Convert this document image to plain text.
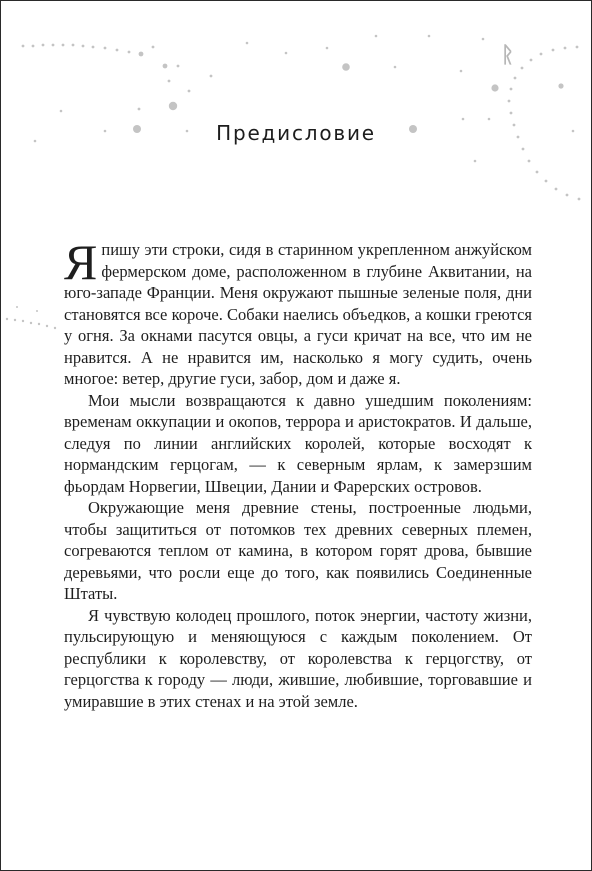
ᚱ
Предисловие

Я пишу эти строки, сидя в старинном укрепленном анжуйском фермерском доме, расположенном в глубине Аквитании, на юго-западе Франции. Меня окружают пышные зеленые поля, дни становятся все короче. Собаки наелись объедков, а кошки греются у огня. За окнами пасутся овцы, а гуси кричат на все, что им не нравится. А не нравится им, насколько я могу судить, очень многое: ветер, другие гуси, забор, дом и даже я.

Мои мысли возвращаются к давно ушедшим поколениям: временам оккупации и окопов, террора и аристократов. И дальше, следуя по линии английских королей, которые восходят к нормандским герцогам, — к северным ярлам, к замерзшим фьордам Норвегии, Швеции, Дании и Фарерских островов.

Окружающие меня древние стены, построенные людьми, чтобы защититься от потомков тех древних северных племен, согреваются теплом от камина, в котором горят дрова, бывшие деревьями, что росли еще до того, как появились Соединенные Штаты.

Я чувствую колодец прошлого, поток энергии, частоту жизни, пульсирующую и меняющуюся с каждым поколением. От республики к королевству, от королевства к герцогству, от герцогства к городу — люди, жившие, любившие, торговавшие и умиравшие в этих стенах и на этой земле.
